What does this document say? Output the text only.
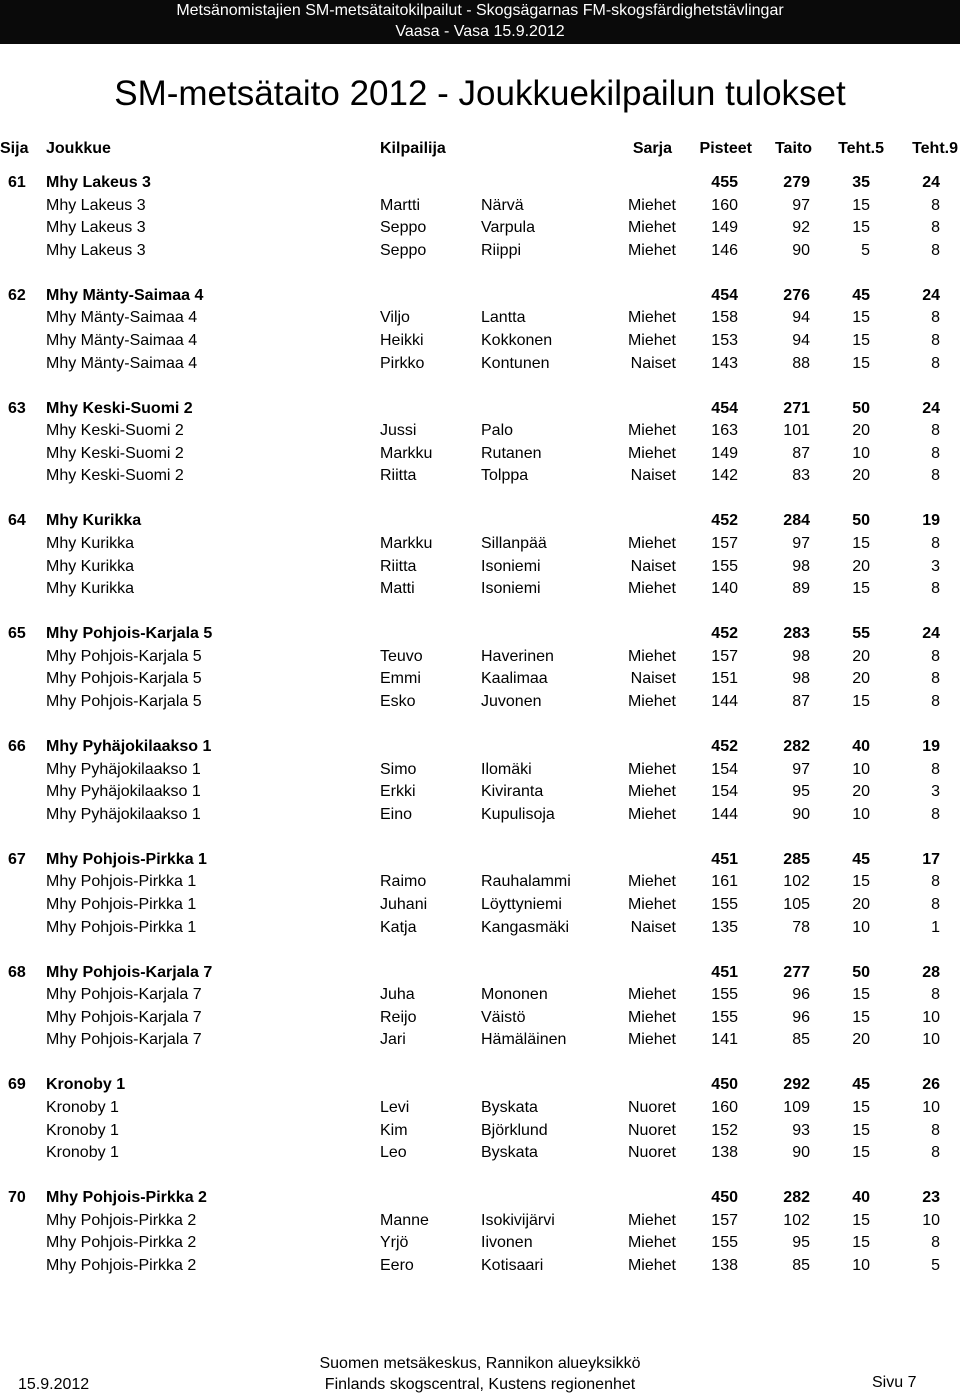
Metsänomistajien SM-metsätaitokilpailut - Skogsägarnas FM-skogsfärdighetstävlingar
Vaasa - Vasa 15.9.2012
SM-metsätaito 2012 - Joukkuekilpailun tulokset
Sija Joukkue	Kilpailija	Sarja	Pisteet	Taito	Teht.5	Teht.9
61	Mhy Lakeus 3	455	279	35	24
Mhy Lakeus 3	Martti	Närvä	Miehet	160	97	15	8
Mhy Lakeus 3	Seppo	Varpula	Miehet	149	92	15	8
Mhy Lakeus 3	Seppo	Riippi	Miehet	146	90	5	8
62	Mhy Mänty-Saimaa 4	454	276	45	24
Mhy Mänty-Saimaa 4	Viljo	Lantta	Miehet	158	94	15	8
Mhy Mänty-Saimaa 4	Heikki	Kokkonen	Miehet	153	94	15	8
Mhy Mänty-Saimaa 4	Pirkko	Kontunen	Naiset	143	88	15	8
63	Mhy Keski-Suomi 2	454	271	50	24
Mhy Keski-Suomi 2	Jussi	Palo	Miehet	163	101	20	8
Mhy Keski-Suomi 2	Markku	Rutanen	Miehet	149	87	10	8
Mhy Keski-Suomi 2	Riitta	Tolppa	Naiset	142	83	20	8
64	Mhy Kurikka	452	284	50	19
Mhy Kurikka	Markku	Sillanpää	Miehet	157	97	15	8
Mhy Kurikka	Riitta	Isoniemi	Naiset	155	98	20	3
Mhy Kurikka	Matti	Isoniemi	Miehet	140	89	15	8
65	Mhy Pohjois-Karjala 5	452	283	55	24
Mhy Pohjois-Karjala 5	Teuvo	Haverinen	Miehet	157	98	20	8
Mhy Pohjois-Karjala 5	Emmi	Kaalimaa	Naiset	151	98	20	8
Mhy Pohjois-Karjala 5	Esko	Juvonen	Miehet	144	87	15	8
66	Mhy Pyhäjokilaakso 1	452	282	40	19
Mhy Pyhäjokilaakso 1	Simo	Ilomäki	Miehet	154	97	10	8
Mhy Pyhäjokilaakso 1	Erkki	Kiviranta	Miehet	154	95	20	3
Mhy Pyhäjokilaakso 1	Eino	Kupulisoja	Miehet	144	90	10	8
67	Mhy Pohjois-Pirkka 1	451	285	45	17
Mhy Pohjois-Pirkka 1	Raimo	Rauhalammi	Miehet	161	102	15	8
Mhy Pohjois-Pirkka 1	Juhani	Löyttyniemi	Miehet	155	105	20	8
Mhy Pohjois-Pirkka 1	Katja	Kangasmäki	Naiset	135	78	10	1
68	Mhy Pohjois-Karjala 7	451	277	50	28
Mhy Pohjois-Karjala 7	Juha	Mononen	Miehet	155	96	15	8
Mhy Pohjois-Karjala 7	Reijo	Väistö	Miehet	155	96	15	10
Mhy Pohjois-Karjala 7	Jari	Hämäläinen	Miehet	141	85	20	10
69	Kronoby 1	450	292	45	26
Kronoby 1	Levi	Byskata	Nuoret	160	109	15	10
Kronoby 1	Kim	Björklund	Nuoret	152	93	15	8
Kronoby 1	Leo	Byskata	Nuoret	138	90	15	8
70	Mhy Pohjois-Pirkka 2	450	282	40	23
Mhy Pohjois-Pirkka 2	Manne	Isokivijärvi	Miehet	157	102	15	10
Mhy Pohjois-Pirkka 2	Yrjö	Iivonen	Miehet	155	95	15	8
Mhy Pohjois-Pirkka 2	Eero	Kotisaari	Miehet	138	85	10	5
15.9.2012
Suomen metsäkeskus, Rannikon alueyksikkö
Finlands skogscentral, Kustens regionenhet	Sivu 7
